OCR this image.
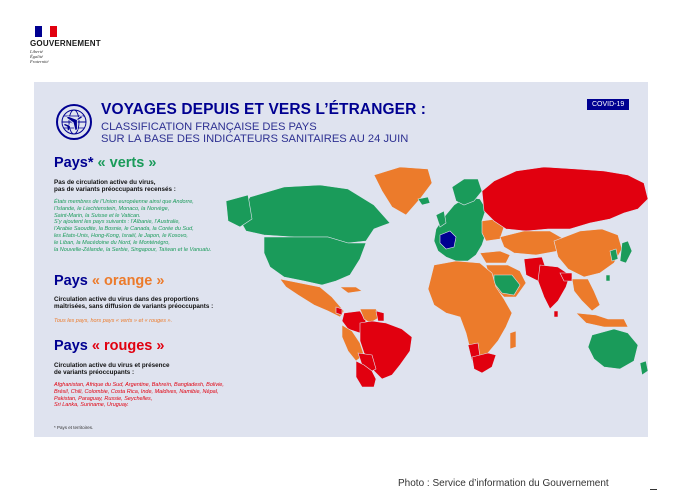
GOUVERNEMENT
Liberté
Égalité
Fraternité
VOYAGES DEPUIS ET VERS L’ÉTRANGER :
CLASSIFICATION FRANÇAISE DES PAYS
SUR LA BASE DES INDICATEURS SANITAIRES AU 24 JUIN
COVID-19
Pays* « verts »
Pas de circulation active du virus,
pas de variants préoccupants recensés :
États membres de l’Union européenne ainsi que Andorre,
l’Islande, le Liechtenstein, Monaco, la Norvège,
Saint-Marin, la Suisse et le Vatican.
S’y ajoutent les pays suivants : l’Albanie, l’Australie,
l’Arabie Saoudite, la Bosnie, le Canada, la Corée du Sud,
les États-Unis, Hong-Kong, Israël, le Japon, le Kosovo,
le Liban, la Macédoine du Nord, le Monténégro,
la Nouvelle-Zélande, la Serbie, Singapour, Taïwan et le Vanuatu.
Pays « orange »
Circulation active du virus dans des proportions
maîtrisées, sans diffusion de variants préoccupants :
Tous les pays, hors pays « verts » et « rouges ».
Pays « rouges »
Circulation active du virus et présence
de variants préoccupants :
Afghanistan, Afrique du Sud, Argentine, Bahreïn, Bangladesh, Bolivie,
Brésil, Chili, Colombie, Costa Rica, Inde, Maldives, Namibie, Népal,
Pakistan, Paraguay, Russie, Seychelles,
Sri Lanka, Suriname, Uruguay.
* Pays et territoires.
Photo : Service d’information du Gouvernement
